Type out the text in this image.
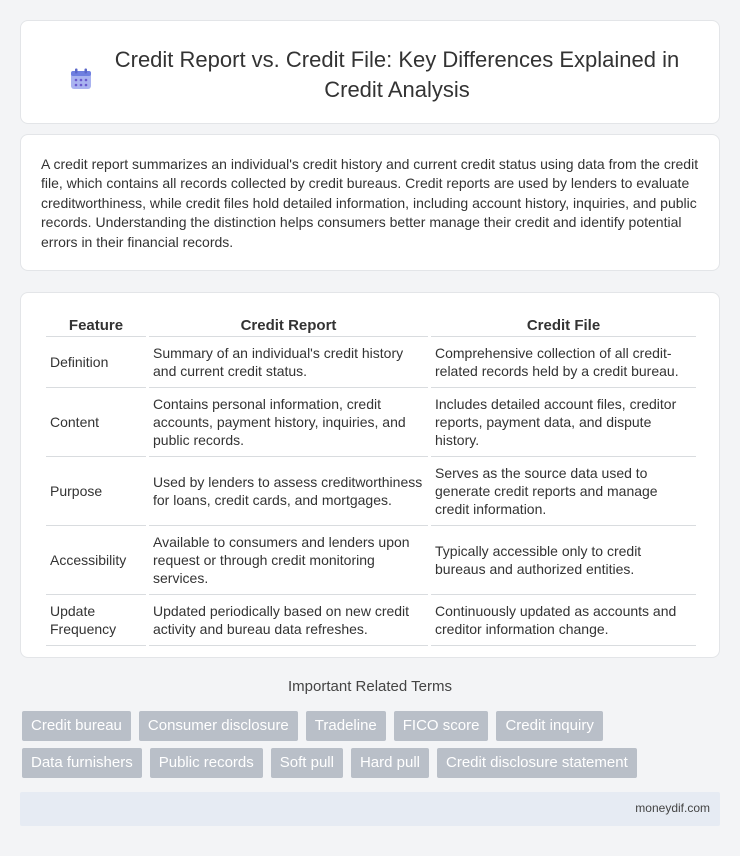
Credit Report vs. Credit File: Key Differences Explained in Credit Analysis

A credit report summarizes an individual's credit history and current credit status using data from the credit file, which contains all records collected by credit bureaus. Credit reports are used by lenders to evaluate creditworthiness, while credit files hold detailed information, including account history, inquiries, and public records. Understanding the distinction helps consumers better manage their credit and identify potential errors in their financial records.

Feature	Credit Report	Credit File
Definition	Summary of an individual's credit history and current credit status.	Comprehensive collection of all credit-related records held by a credit bureau.
Content	Contains personal information, credit accounts, payment history, inquiries, and public records.	Includes detailed account files, creditor reports, payment data, and dispute history.
Purpose	Used by lenders to assess creditworthiness for loans, credit cards, and mortgages.	Serves as the source data used to generate credit reports and manage credit information.
Accessibility	Available to consumers and lenders upon request or through credit monitoring services.	Typically accessible only to credit bureaus and authorized entities.
Update Frequency	Updated periodically based on new credit activity and bureau data refreshes.	Continuously updated as accounts and creditor information change.
Important Related Terms
Credit bureau	Consumer disclosure	Tradeline	FICO score	Credit inquiry
Data furnishers	Public records	Soft pull	Hard pull	Credit disclosure statement
moneydif.com
